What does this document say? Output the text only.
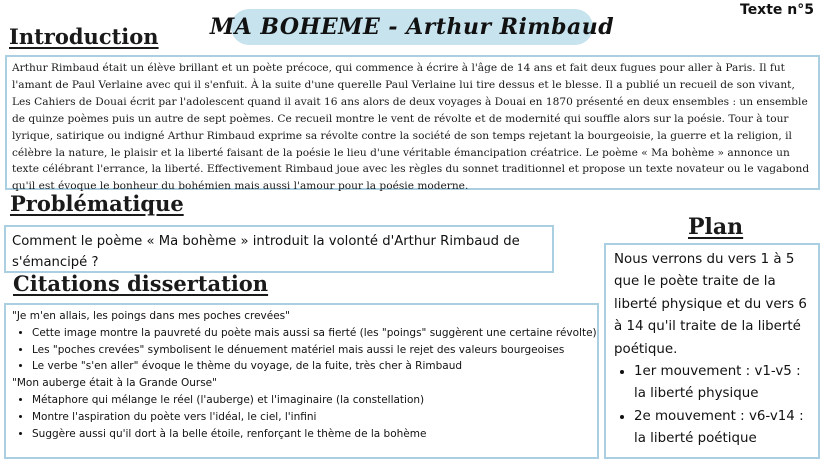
MA BOHEME - Arthur Rimbaud
Texte n°5
Introduction

Arthur Rimbaud était un élève brillant et un poète précoce, qui commence à écrire à l'âge de 14 ans et fait deux fugues pour aller à Paris. Il fut l'amant de Paul Verlaine avec qui il s'enfuit. À la suite d'une querelle Paul Verlaine lui tire dessus et le blesse. Il a publié un recueil de son vivant, Les Cahiers de Douai écrit par l'adolescent quand il avait 16 ans alors de deux voyages à Douai en 1870 présenté en deux ensembles : un ensemble de quinze poèmes puis un autre de sept poèmes. Ce recueil montre le vent de révolte et de modernité qui souffle alors sur la poésie. Tour à tour lyrique, satirique ou indigné Arthur Rimbaud exprime sa révolte contre la société de son temps rejetant la bourgeoisie, la guerre et la religion, il célèbre la nature, le plaisir et la liberté faisant de la poésie le lieu d'une véritable émancipation créatrice. Le poème « Ma bohème » annonce un texte célébrant l'errance, la liberté. Effectivement Rimbaud joue avec les règles du sonnet traditionnel et propose un texte novateur ou le vagabond qu'il est évoque le bonheur du bohémien mais aussi l'amour pour la poésie moderne.

Problématique

Comment le poème « Ma bohème » introduit la volonté d'Arthur Rimbaud de s'émancipé ?

Citations dissertation

"Je m'en allais, les poings dans mes poches crevées"

• Cette image montre la pauvreté du poète mais aussi sa fierté (les "poings" suggèrent une certaine révolte)
• Les "poches crevées" symbolisent le dénuement matériel mais aussi le rejet des valeurs bourgeoises
• Le verbe "s'en aller" évoque le thème du voyage, de la fuite, très cher à Rimbaud

"Mon auberge était à la Grande Ourse"

• Métaphore qui mélange le réel (l'auberge) et l'imaginaire (la constellation)
• Montre l'aspiration du poète vers l'idéal, le ciel, l'infini
• Suggère aussi qu'il dort à la belle étoile, renforçant le thème de la bohème
Plan

Nous verrons du vers 1 à 5 que le poète traite de la liberté physique et du vers 6 à 14 qu'il traite de la liberté poétique.

• 1er mouvement : v1-v5 : la liberté physique
• 2e mouvement : v6-v14 : la liberté poétique
